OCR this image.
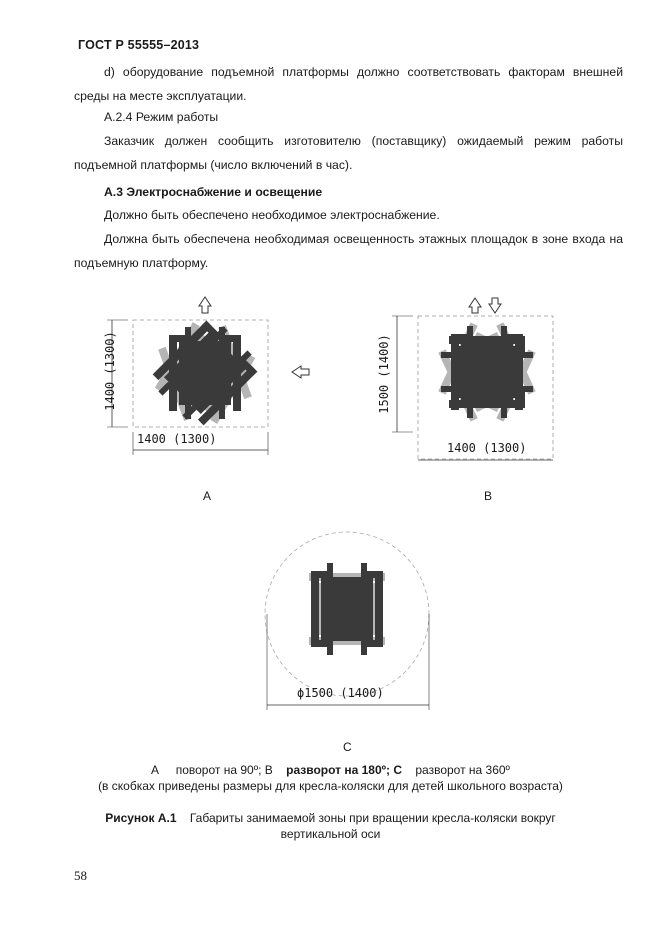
ГОСТ Р 55555–2013
d) оборудование подъемной платформы должно соответствовать факторам внешней среды на месте эксплуатации.
А.2.4 Режим работы
Заказчик должен сообщить изготовителю (поставщику) ожидаемый режим работы подъемной платформы (число включений в час).
А.3 Электроснабжение и освещение
Должно быть обеспечено необходимое электроснабжение.
Должна быть обеспечена необходимая освещенность этажных площадок в зоне входа на подъемную платформу.
1400 (1300)
1400 (1300)
A
1400 (1300)
1500 (1400)
B
ϕ1500 (1400)
C
А поворот на 90º; В разворот на 180º; С разворот на 360º
(в скобках приведены размеры для кресла-коляски для детей школьного возраста)
Рисунок А.1 Габариты занимаемой зоны при вращении кресла-коляски вокруг
вертикальной оси
58
